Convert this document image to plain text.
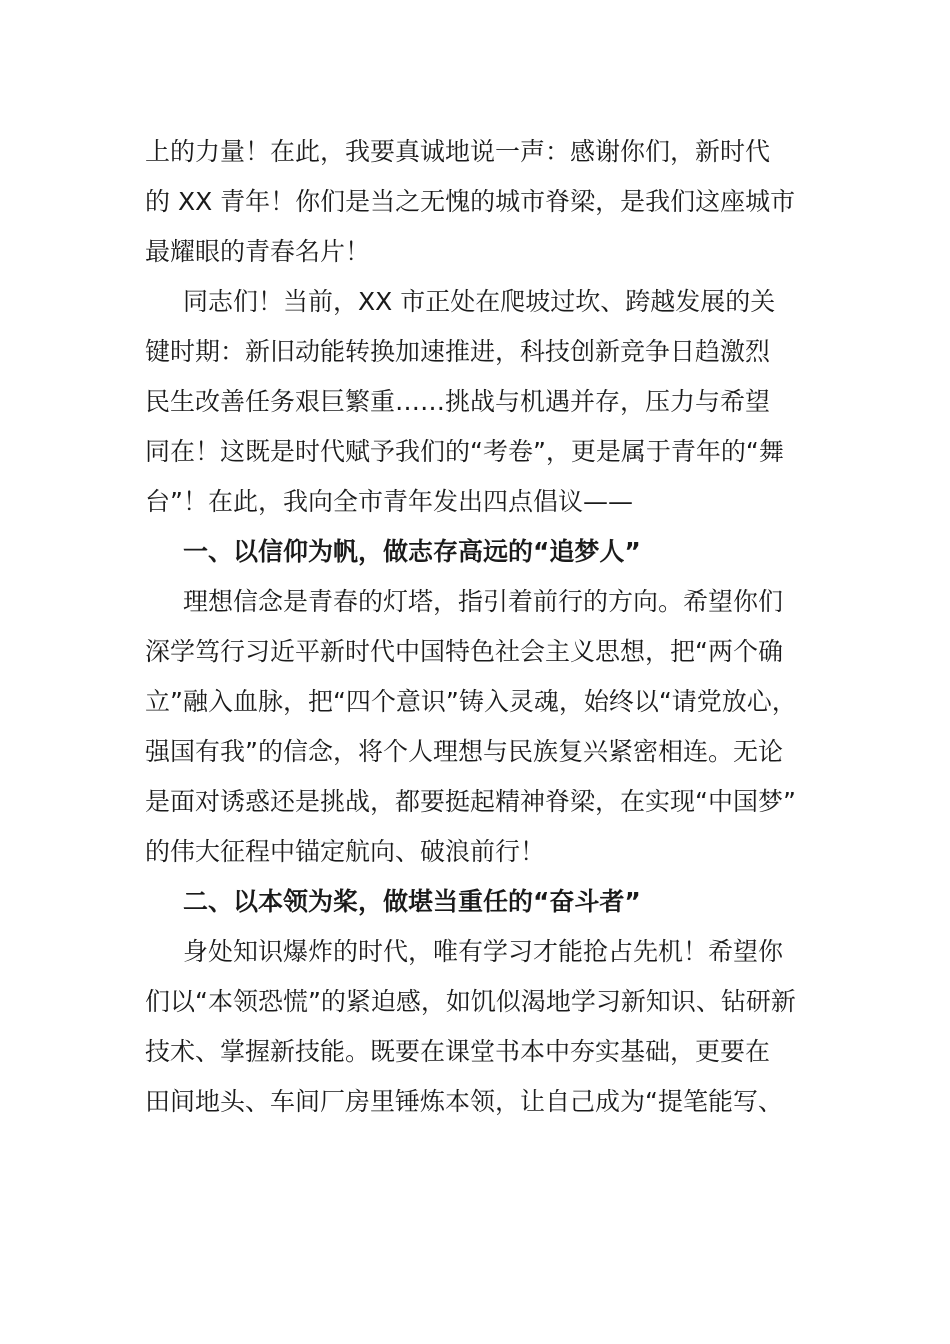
上的力量！在此，我要真诚地说一声：感谢你们，新时代
的 XX 青年！你们是当之无愧的城市脊梁，是我们这座城市
最耀眼的青春名片！
同志们！当前，XX 市正处在爬坡过坎、跨越发展的关
键时期：新旧动能转换加速推进，科技创新竞争日趋激烈
民生改善任务艰巨繁重……挑战与机遇并存，压力与希望
同在！这既是时代赋予我们的“考卷”，更是属于青年的“舞
台”！在此，我向全市青年发出四点倡议——
一、以信仰为帆，做志存高远的“追梦人”
理想信念是青春的灯塔，指引着前行的方向。希望你们
深学笃行习近平新时代中国特色社会主义思想，把“两个确
立”融入血脉，把“四个意识”铸入灵魂，始终以“请党放心，
强国有我”的信念，将个人理想与民族复兴紧密相连。无论
是面对诱惑还是挑战，都要挺起精神脊梁，在实现“中国梦”
的伟大征程中锚定航向、破浪前行！
二、以本领为桨，做堪当重任的“奋斗者”
身处知识爆炸的时代，唯有学习才能抢占先机！希望你
们以“本领恐慌”的紧迫感，如饥似渴地学习新知识、钻研新
技术、掌握新技能。既要在课堂书本中夯实基础，更要在
田间地头、车间厂房里锤炼本领，让自己成为“提笔能写、
